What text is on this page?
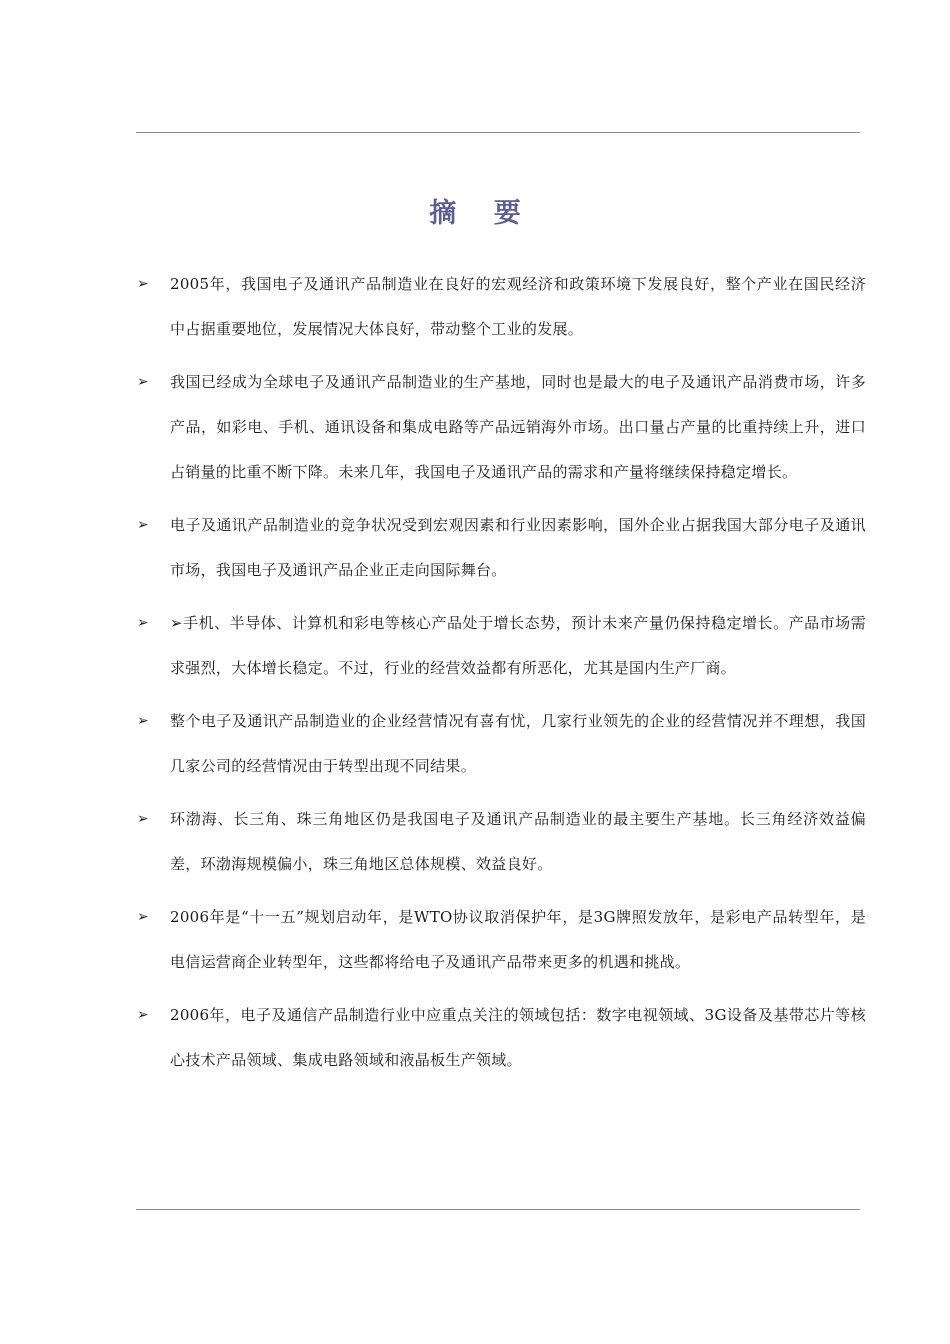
摘 要
➢ 2005年，我国电子及通讯产品制造业在良好的宏观经济和政策环境下发展良好，整个产业在国民经济中占据重要地位，发展情况大体良好，带动整个工业的发展。
➢ 我国已经成为全球电子及通讯产品制造业的生产基地，同时也是最大的电子及通讯产品消费市场，许多产品，如彩电、手机、通讯设备和集成电路等产品远销海外市场。出口量占产量的比重持续上升，进口占销量的比重不断下降。未来几年，我国电子及通讯产品的需求和产量将继续保持稳定增长。
➢ 电子及通讯产品制造业的竞争状况受到宏观因素和行业因素影响，国外企业占据我国大部分电子及通讯市场，我国电子及通讯产品企业正走向国际舞台。
➢ ➢手机、半导体、计算机和彩电等核心产品处于增长态势，预计未来产量仍保持稳定增长。产品市场需求强烈，大体增长稳定。不过，行业的经营效益都有所恶化，尤其是国内生产厂商。
➢ 整个电子及通讯产品制造业的企业经营情况有喜有忧，几家行业领先的企业的经营情况并不理想，我国几家公司的经营情况由于转型出现不同结果。
➢ 环渤海、长三角、珠三角地区仍是我国电子及通讯产品制造业的最主要生产基地。长三角经济效益偏差，环渤海规模偏小，珠三角地区总体规模、效益良好。
➢ 2006年是“十一五”规划启动年，是WTO协议取消保护年，是3G牌照发放年，是彩电产品转型年，是电信运营商企业转型年，这些都将给电子及通讯产品带来更多的机遇和挑战。
➢ 2006年，电子及通信产品制造行业中应重点关注的领域包括：数字电视领域、3G设备及基带芯片等核心技术产品领域、集成电路领域和液晶板生产领域。
